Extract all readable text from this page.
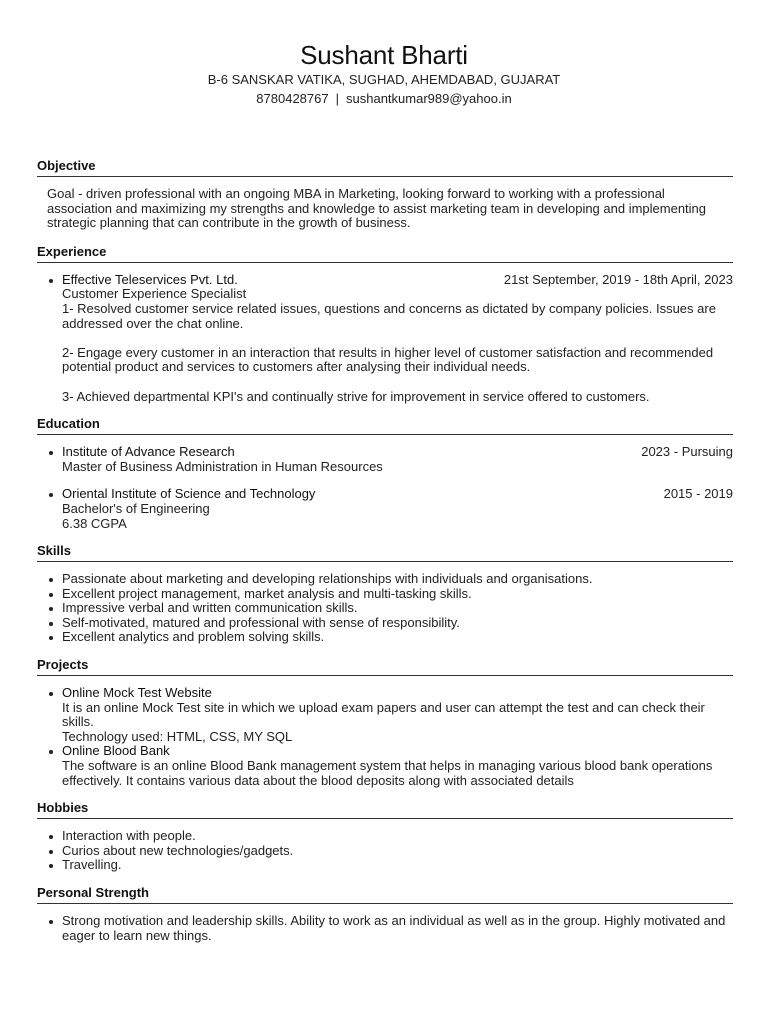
Sushant Bharti
B-6 SANSKAR VATIKA, SUGHAD, AHEMDABAD, GUJARAT
8780428767 | sushantkumar989@yahoo.in
Objective

Goal - driven professional with an ongoing MBA in Marketing, looking forward to working with a professional association and maximizing my strengths and knowledge to assist marketing team in developing and implementing strategic planning that can contribute in the growth of business.

Experience
Effective Teleservices Pvt. Ltd.	21st September, 2019 - 18th April, 2023
Customer Experience Specialist
1- Resolved customer service related issues, questions and concerns as dictated by company policies. Issues are addressed over the chat online.
2- Engage every customer in an interaction that results in higher level of customer satisfaction and recommended potential product and services to customers after analysing their individual needs.
3- Achieved departmental KPI's and continually strive for improvement in service offered to customers.
Education
Institute of Advance Research	2023 - Pursuing
Master of Business Administration in Human Resources
Oriental Institute of Science and Technology	2015 - 2019
Bachelor's of Engineering
6.38 CGPA
Skills
Passionate about marketing and developing relationships with individuals and organisations.
Excellent project management, market analysis and multi-tasking skills.
Impressive verbal and written communication skills.
Self-motivated, matured and professional with sense of responsibility.
Excellent analytics and problem solving skills.
Projects
Online Mock Test Website
It is an online Mock Test site in which we upload exam papers and user can attempt the test and can check their skills.
Technology used: HTML, CSS, MY SQL
Online Blood Bank
The software is an online Blood Bank management system that helps in managing various blood bank operations effectively. It contains various data about the blood deposits along with associated details
Hobbies
Interaction with people.
Curios about new technologies/gadgets.
Travelling.
Personal Strength
Strong motivation and leadership skills. Ability to work as an individual as well as in the group. Highly motivated and eager to learn new things.
